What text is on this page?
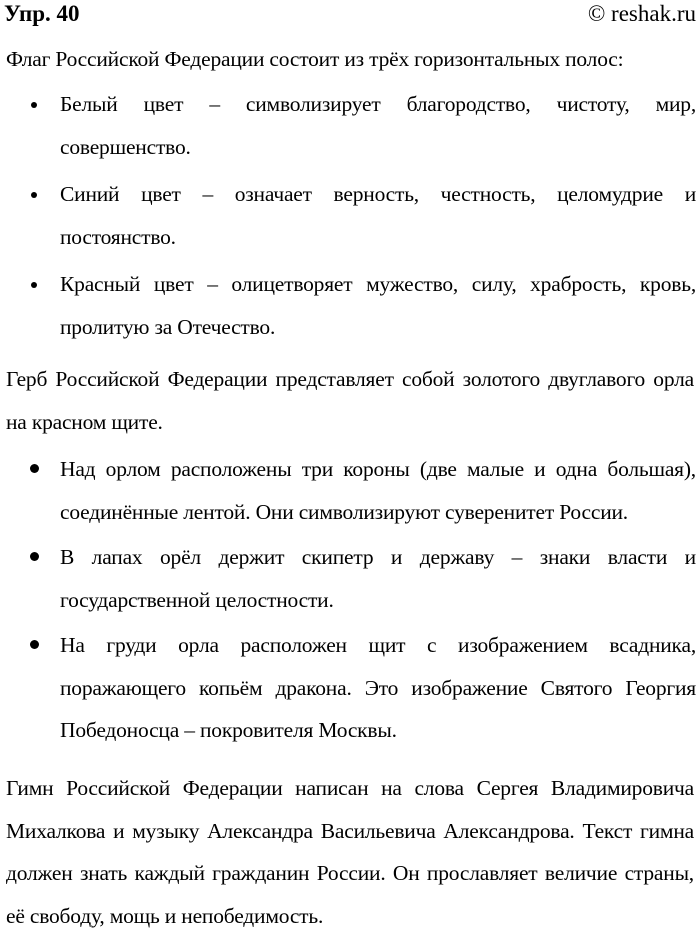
Упр. 40	© reshak.ru

Флаг Российской Федерации состоит из трёх горизонтальных полос:

Белый цвет – символизирует благородство, чистоту, мир, совершенство.
Синий цвет – означает верность, честность, целомудрие и постоянство.
Красный цвет – олицетворяет мужество, силу, храбрость, кровь, пролитую за Отечество.

Герб Российской Федерации представляет собой золотого двуглавого орла на красном щите.

Над орлом расположены три короны (две малые и одна большая), соединённые лентой. Они символизируют суверенитет России.
В лапах орёл держит скипетр и державу – знаки власти и государственной целостности.
На груди орла расположен щит с изображением всадника, поражающего копьём дракона. Это изображение Святого Георгия Победоносца – покровителя Москвы.

Гимн Российской Федерации написан на слова Сергея Владимировича Михалкова и музыку Александра Васильевича Александрова. Текст гимна должен знать каждый гражданин России. Он прославляет величие страны, её свободу, мощь и непобедимость.
